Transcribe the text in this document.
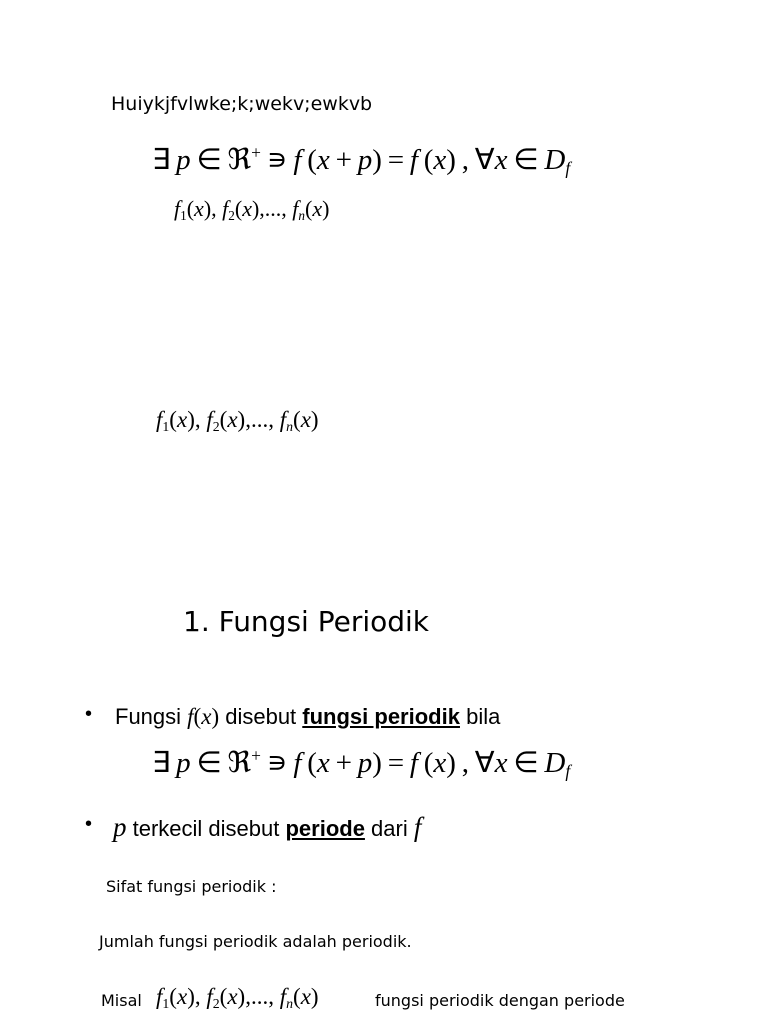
Huiykjfvlwke;k;wekv;ewkvb
∃ p ∈ ℜ+ ∍ f (x + p) = f (x) , ∀x ∈ $D_f$
$f_1(x)$, $f_2(x)$,..., $f_n(x)$
$f_1(x)$, $f_2(x)$,..., $f_n(x)$
1. Fungsi Periodik
• Fungsi f(x) disebut fungsi periodik bila
∃ p ∈ ℜ+ ∍ f (x + p) = f (x) , ∀x ∈ $D_f$
• p terkecil disebut periode dari f
Sifat fungsi periodik :
Jumlah fungsi periodik adalah periodik.
Misal $f_1(x)$, $f_2(x)$,..., $f_n(x)$	fungsi periodik dengan periode
